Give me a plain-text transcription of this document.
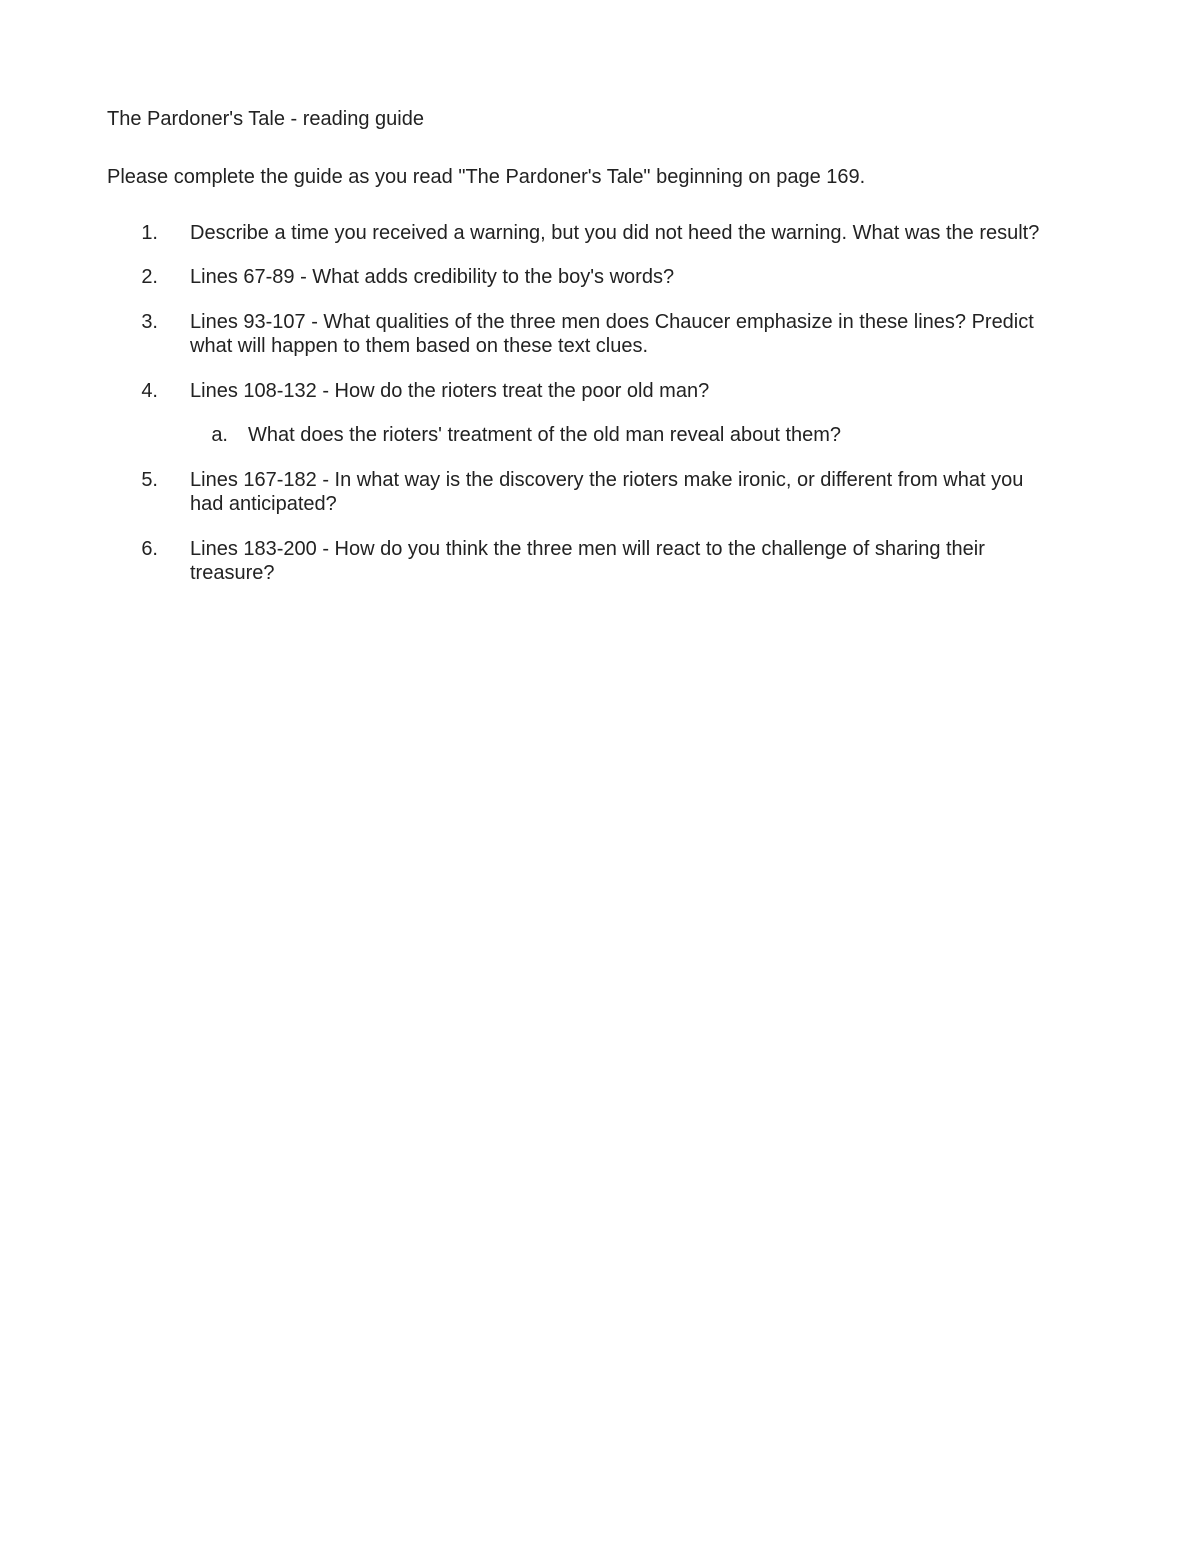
The Pardoner's Tale - reading guide
Please complete the guide as you read "The Pardoner's Tale" beginning on page 169.
1. Describe a time you received a warning, but you did not heed the warning. What was the result?
2. Lines 67-89 - What adds credibility to the boy's words?
3. Lines 93-107 - What qualities of the three men does Chaucer emphasize in these lines? Predict
what will happen to them based on these text clues.
4. Lines 108-132 - How do the rioters treat the poor old man?
a. What does the rioters' treatment of the old man reveal about them?
5. Lines 167-182 - In what way is the discovery the rioters make ironic, or different from what you
had anticipated?
6. Lines 183-200 - How do you think the three men will react to the challenge of sharing their
treasure?
